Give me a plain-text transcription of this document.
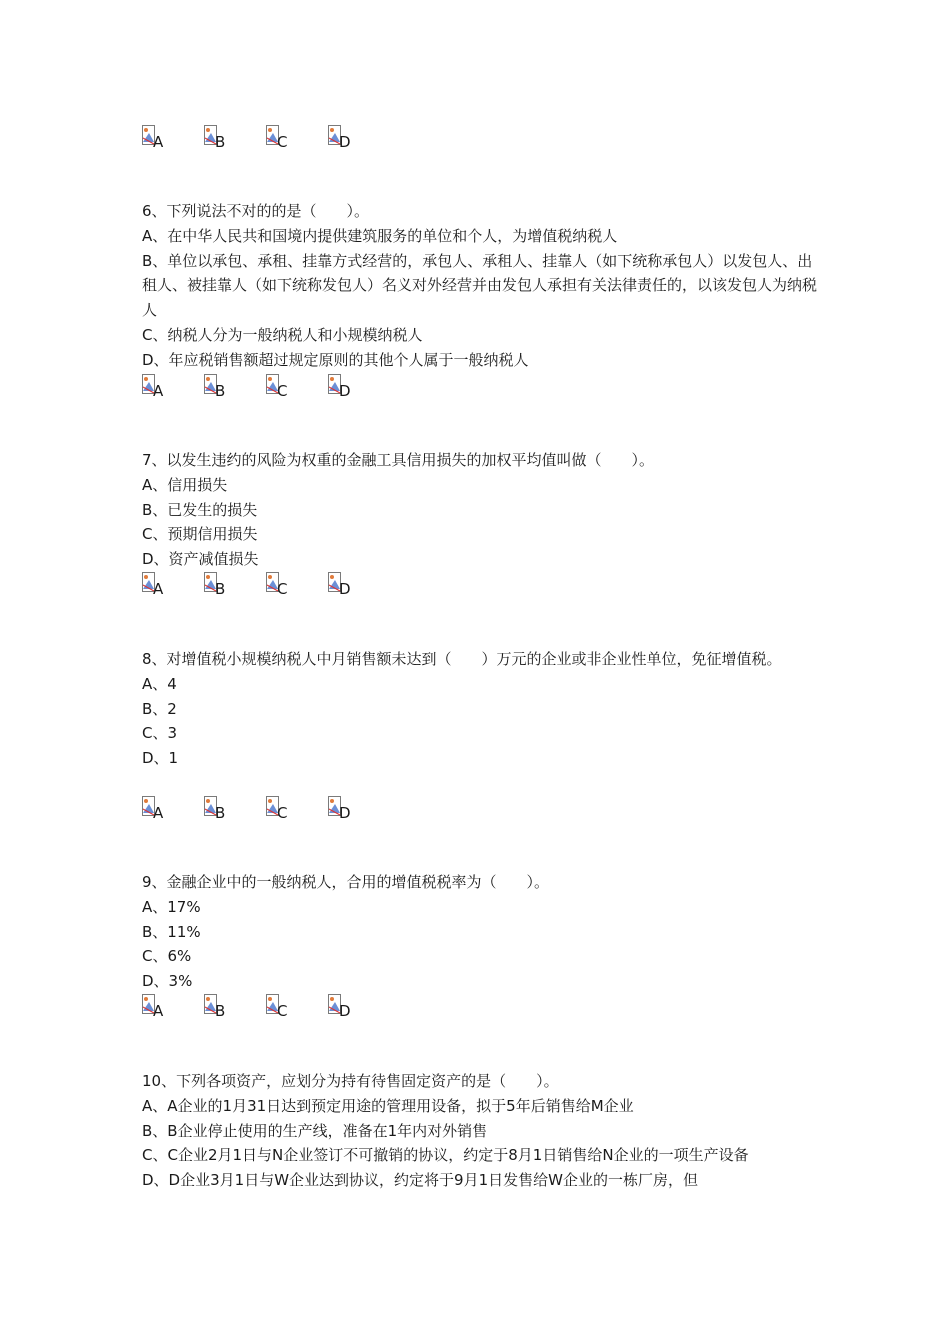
A	B	C	D

6、下列说法不对的的是（　　）。

A、在中华人民共和国境内提供建筑服务的单位和个人，为增值税纳税人

B、单位以承包、承租、挂靠方式经营的，承包人、承租人、挂靠人（如下统称承包人）以发包人、出租人、被挂靠人（如下统称发包人）名义对外经营并由发包人承担有关法律责任的，以该发包人为纳税人

C、纳税人分为一般纳税人和小规模纳税人

D、年应税销售额超过规定原则的其他个人属于一般纳税人

A	B	C	D

7、以发生违约的风险为权重的金融工具信用损失的加权平均值叫做（　　）。

A、信用损失

B、已发生的损失

C、预期信用损失

D、资产减值损失

A	B	C	D

8、对增值税小规模纳税人中月销售额未达到（　　）万元的企业或非企业性单位，免征增值税。

A、4

B、2

C、3

D、1

A	B	C	D

9、金融企业中的一般纳税人，合用的增值税税率为（　　）。

A、17%

B、11%

C、6%

D、3%

A	B	C	D

10、下列各项资产，应划分为持有待售固定资产的是（　　）。

A、A企业的1月31日达到预定用途的管理用设备，拟于5年后销售给M企业

B、B企业停止使用的生产线，准备在1年内对外销售

C、C企业2月1日与N企业签订不可撤销的协议，约定于8月1日销售给N企业的一项生产设备

D、D企业3月1日与W企业达到协议，约定将于9月1日发售给W企业的一栋厂房，但
